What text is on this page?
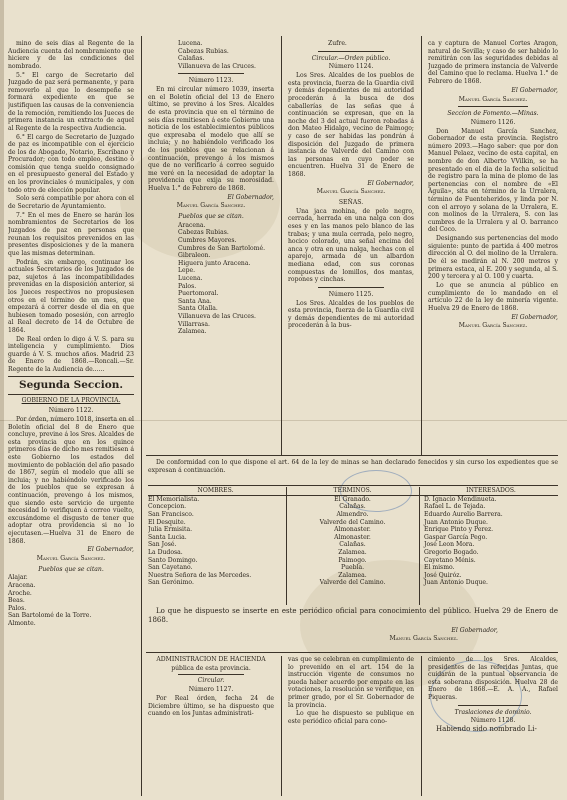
mino de seis días al Regente de la Audiencia cuenta del nombramiento que hiciere y de las condiciones del nombrado.

5.° El cargo de Secretario del Juzgado de paz será permanente, y para removerlo al que lo desempeñe se formará expediente en que se justifiquen las causas de la conveniencia de la remoción, remitiendo los Jueces de primera instancia un extracto de aquel al Regente de la respectiva Audiencia.

6.° El cargo de Secretario de Juzgado de paz es incompatible con el ejercicio de los de Abogado, Notario, Escribano y Procurador; con todo empleo, destino ó comisión que tenga sueldo consignado en el presupuesto general del Estado y en los provinciales ó municipales, y con todo otro de elección popular.

Solo será compatible por ahora con el de Secretario de Ayuntamiento.

7.° En el mes de Enero se harán los nombramientos de Secretarios de los Juzgados de paz en personas que reunan los requisitos prevenidos en las presentes disposiciones y de la manera que las mismas determinan.

Podrán, sin embargo, continuar los actuales Secretarios de los Juzgados de paz, sujetos á las incompatibilidades prevenidas en la disposición anterior, si los Jueces respectivos no propusiesen otros en el término de un mes, que empezará á correr desde el dia en que hubiesen tomado posesión, con arreglo al Real decreto de 14 de Octubre de 1864.

De Real orden lo digo á V. S. para su inteligencia y cumplimiento. Dios guarde á V. S. muchos años. Madrid 23 de Enero de 1868.—Roncali.—Sr. Regente de la Audiencia de......

Segunda Seccion.

GOBIERNO DE LA PROVINCIA.

Número 1122.

Por órden, número 1018, inserta en el Boletín oficial del 8 de Enero que concluye, previne á los Sres. Alcaldes de esta provincia que en los quince primeros días de dicho mes remitiesen á este Gobierno los estados del movimiento de población del año pasado de 1867, según el modelo que allí se incluia; y no habiéndolo verificado los de los pueblos que se expresan á continuación, prevengo á los mismos, que siendo este servicio de urgente necesidad lo verifiquen á correo vuelto, excusándome el disgusto de tener que adoptar otra providencia si no lo ejecutasen.—Huelva 31 de Enero de 1868.

El Gobernador,

Manuel García Sanchez.

Pueblos que se citan.

Alajar.
Aracena.
Aroche.
Beas.
Palos.
San Bartolomé de la Torre.
Almonte.
Lucena.
Cabezas Rubias.
Calañas.
Villanueva de las Cruces.

Número 1123.

En mi circular número 1039, inserta en el Boletín oficial del 13 de Enero último, se previno á los Sres. Alcaldes de esta provincia que en el término de seis días remitiesen á este Gobierno una noticia de los establecimientos públicos que expresaba el modelo que allí se incluia; y no habiéndolo verificado los de los pueblos que se relacionan á continuación, prevengo á los mismos que de no verificarlo á correo seguido me veré en la necesidad de adoptar la providencia que exija su morosidad. Huelva 1.° de Febrero de 1868.

El Gobernador,

Manuel García Sanchez.

Pueblos que se citan.

Aracena.
Cabezas Rubias.
Cumbres Mayores.
Cumbres de San Bartolomé.
Gibraleon.
Higuera junto Aracena.
Lepe.
Lucena.
Palos.
Puertomoral.
Santa Ana.
Santa Olalla.
Villanueva de las Cruces.
Villarrasa.
Zalamea.
Zufre.

Circular.—Orden público.

Número 1124.

Los Sres. Alcaldes de los pueblos de esta provincia, fuerza de la Guardia civil y demás dependientes de mi autoridad procederán á la busca de dos caballerías de las señas que á continuación se expresan, que en la noche del 3 del actual fueron robadas á don Mateo Hidalgo, vecino de Paimogo; y caso de ser habidas las pondrán á disposición del Juzgado de primera instancia de Valverde del Camino con las personas en cuyo poder se encuentren. Huelva 31 de Enero de 1868.

El Gobernador,

Manuel García Sanchez.

SEÑAS.

Una jaca mohina, de pelo negro, cerrada, herrada en una nalga con dos eses y en las manos pelo blanco de las trabas; y una mula cerrada, pelo negro, hocico colorado, una señal encima del anca y otra en una nalga, hechas con el aparejo, armada de un albardon mediana edad, con sus coronas compuestas de lomillos, dos mantas, ropones y cinchas.

Número 1125.

Los Sres. Alcaldes de los pueblos de esta provincia, fuerza de la Guardia civil y demás dependientes de mi autoridad procederán á la bus-

ca y captura de Manuel Cortes Aragon, natural de Sevilla; y caso de ser habido lo remitirán con las seguridades debidas al Juzgado de primera instancia de Valverde del Camino que lo reclama. Huelva 1.° de Febrero de 1868.

El Gobernador,

Manuel García Sanchez.

Seccion de Fomento.—Minas.

Número 1126.

Don Manuel García Sanchez, Gobernador de esta provincia. Registro número 2093.—Hago saber: que por don Manuel Pelaez, vecino de esta capital, en nombre de don Alberto VVilkin, se ha presentado en el dia de la fecha solicitud de registro para la mina de plomo de las pertenencias con el nombre de «El Águila», sita en término de la Urralera, término de Fuenteheridos, y linda por N. con el arroyo y solana de la Urralera, E. con molinos de la Urralera, S. con las cumbres de la Urralera y al O. barranco del Coco.

Designando sus pertenencias del modo siguiente: punto de partida á 400 metros dirección al O. del molino de la Urralera. De él se medirán al N. 200 metros y primera estaca, al E. 200 y segunda, al S. 200 y tercera y al O. 100 y cuarta.

Lo que se anuncia al público en cumplimiento de lo mandado en el artículo 22 de la ley de minería vigente. Huelva 29 de Enero de 1868.

El Gobernador,

Manuel García Sanchez.

De conformidad con lo que dispone el art. 64 de la ley de minas se han declarado fenecidos y sin curso los expedientes que se expresan á continuación.

NOMBRES.

El Memorialista.
Concepcion.
San Francisco.
El Desquite.
Julia Ermisita.
Santa Lucia.
San José.
La Dudosa.
Santo Domingo.
San Cayetano.
Nuestra Señora de las Mercedes.
San Gerónimo.

TÉRMINOS.

El Granado.
Calañas.
Almendro.
Valverde del Camino.
Almonaster.
Almonaster.
Calañas.
Zalamea.
Paimogo.
Puebla.
Zalamea.
Valverde del Camino.

INTERESADOS.

D. Ignacio Mendinueta.
Rafael L. de Tejada.
Eduardo Aurelio Barrera.
Juan Antonio Duque.
Enrique Pinto y Perez.
Gaspar García Pego.
José Leon Mora.
Gregorio Bogado.
Cayetano Ménis.
El mismo.
José Quiróz.
Juan Antonio Duque.

Lo que he dispuesto se inserte en este periódico oficial para conocimiento del público. Huelva 29 de Enero de 1868.

El Gobernador,

Manuel García Sanchez.

ADMINISTRACION DE HACIENDA

pública de esta provincia.

Circular.

Número 1127.

Por Real órden, fecha 24 de Diciembre último, se ha dispuesto que cuando en los Juntas administrati-

vas que se celebran en cumplimiento de lo prevenido en el art. 154 de la instrucción vigente de consumos no pueda haber acuerdo por empate en las votaciones, la resolución se verifique, en primer grado, por el Sr. Gobernador de la provincia.

Lo que he dispuesto se publique en este periódico oficial para cono-

cimiento de los Sres. Alcaldes, presidentes de las referidas Juntas, que cuidarán de la puntual observancia de esta soberana disposición. Huelva 28 de Enero de 1868.—E. A. A., Rafael Piqueras.

Traslaciones de dominio.

Número 1128.

Habiendo sido nombrado Li-
